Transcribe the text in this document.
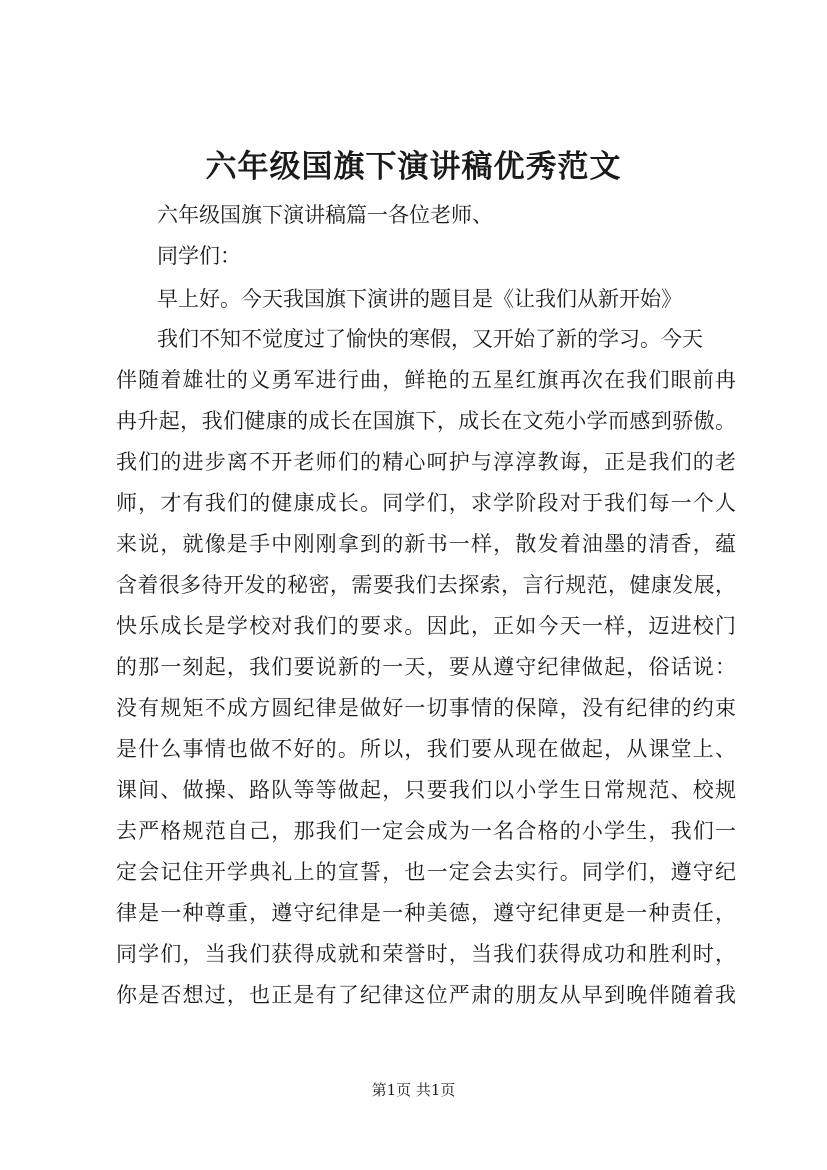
六年级国旗下演讲稿优秀范文

六年级国旗下演讲稿篇一各位老师、

同学们：

早上好。今天我国旗下演讲的题目是《让我们从新开始》

我们不知不觉度过了愉快的寒假，又开始了新的学习。今天

伴随着雄壮的义勇军进行曲，鲜艳的五星红旗再次在我们眼前冉

冉升起，我们健康的成长在国旗下，成长在文苑小学而感到骄傲。

我们的进步离不开老师们的精心呵护与淳淳教诲，正是我们的老

师，才有我们的健康成长。同学们，求学阶段对于我们每一个人

来说，就像是手中刚刚拿到的新书一样，散发着油墨的清香，蕴

含着很多待开发的秘密，需要我们去探索，言行规范，健康发展，

快乐成长是学校对我们的要求。因此，正如今天一样，迈进校门

的那一刻起，我们要说新的一天，要从遵守纪律做起，俗话说：

没有规矩不成方圆纪律是做好一切事情的保障，没有纪律的约束

是什么事情也做不好的。所以，我们要从现在做起，从课堂上、

课间、做操、路队等等做起，只要我们以小学生日常规范、校规

去严格规范自己，那我们一定会成为一名合格的小学生，我们一

定会记住开学典礼上的宣誓，也一定会去实行。同学们，遵守纪

律是一种尊重，遵守纪律是一种美德，遵守纪律更是一种责任，

同学们，当我们获得成就和荣誉时，当我们获得成功和胜利时，

你是否想过，也正是有了纪律这位严肃的朋友从早到晚伴随着我

第1页 共1页
